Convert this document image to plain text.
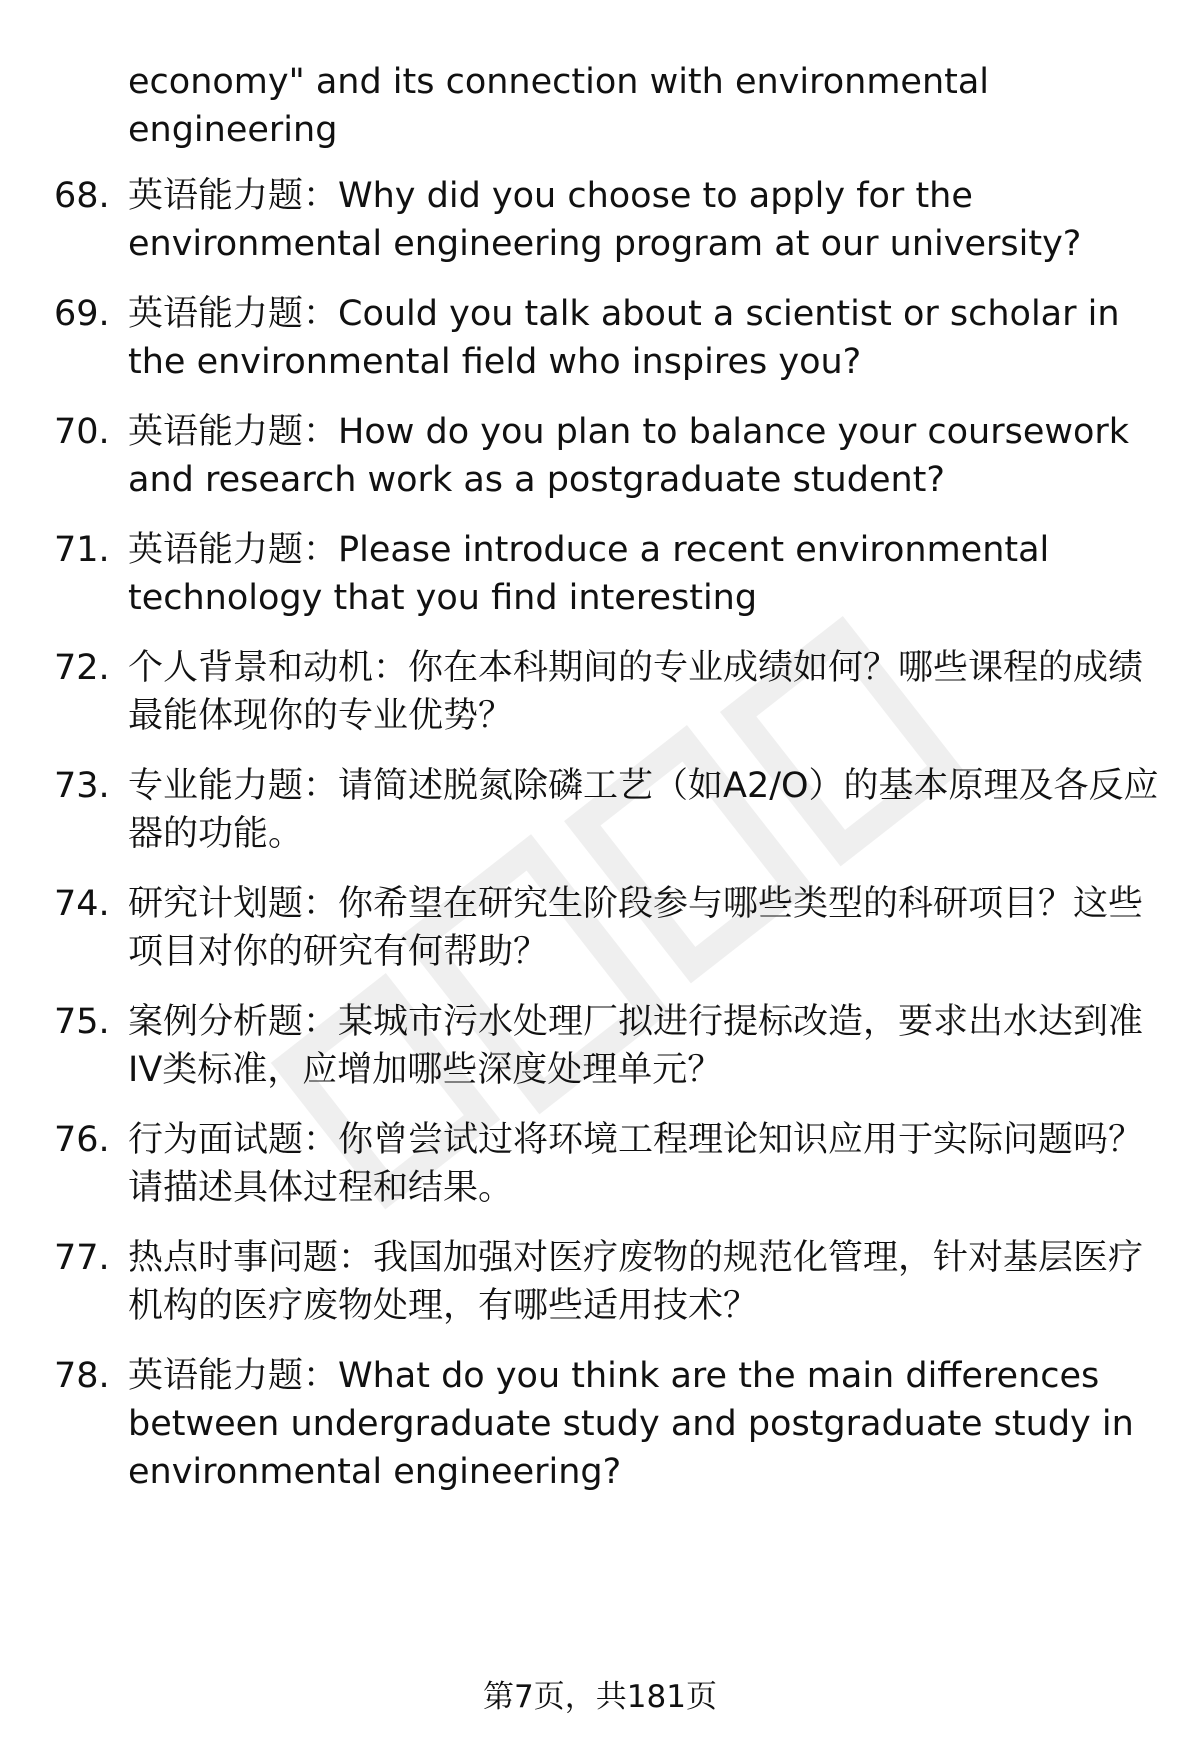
economy" and its connection with environmental engineering
68. 英语能力题：Why did you choose to apply for the environmental engineering program at our university?
69. 英语能力题：Could you talk about a scientist or scholar in the environmental field who inspires you?
70. 英语能力题：How do you plan to balance your coursework and research work as a postgraduate student?
71. 英语能力题：Please introduce a recent environmental technology that you find interesting
72. 个人背景和动机：你在本科期间的专业成绩如何？哪些课程的成绩最能体现你的专业优势？
73. 专业能力题：请简述脱氮除磷工艺（如A2/O）的基本原理及各反应器的功能。
74. 研究计划题：你希望在研究生阶段参与哪些类型的科研项目？这些项目对你的研究有何帮助？
75. 案例分析题：某城市污水处理厂拟进行提标改造，要求出水达到准IV类标准，应增加哪些深度处理单元？
76. 行为面试题：你曾尝试过将环境工程理论知识应用于实际问题吗？请描述具体过程和结果。
77. 热点时事问题：我国加强对医疗废物的规范化管理，针对基层医疗机构的医疗废物处理，有哪些适用技术？
78. 英语能力题：What do you think are the main differences between undergraduate study and postgraduate study in environmental engineering?
第7页，共181页
